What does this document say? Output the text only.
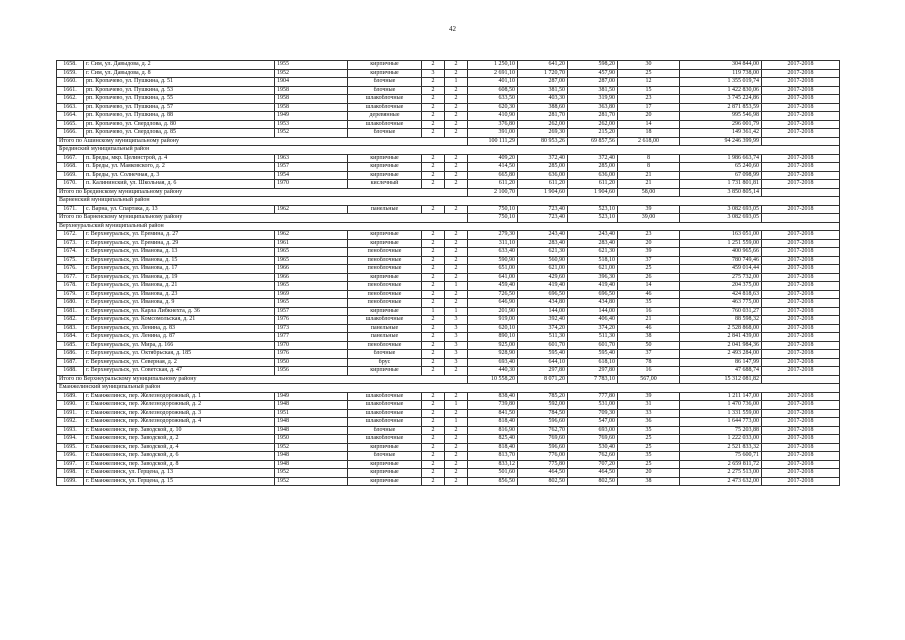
42
1658.	г. Сим, ул. Давыдова, д. 2	1955	кирпичные	2	2	1 250,10	641,20	598,20	30	304 844,00	2017-2018
1659.	г. Сим, ул. Давыдова, д. 8	1952	кирпичные	3	2	2 691,10	1 720,70	457,90	25	119 738,00	2017-2018
1660.	рп. Кропачево, ул. Пушкина, д. 51	1904	блочные	2	1	401,10	287,00	287,00	12	1 355 019,74	2017-2018
1661.	рп. Кропачево, ул. Пушкина, д. 53	1958	блочные	2	2	608,50	381,50	381,50	15	1 422 830,06	2017-2018
1662.	рп. Кропачево, ул. Пушкина, д. 55	1958	шлакоблочные	2	2	633,50	403,30	319,90	23	3 745 224,86	2017-2018
1663.	рп. Кропачево, ул. Пушкина, д. 57	1958	шлакоблочные	2	2	620,30	388,60	363,80	17	2 871 853,59	2017-2018
1664.	рп. Кропачево, ул. Пушкина, д. 88	1949	деревянные	2	2	410,90	281,70	281,70	20	995 546,98	2017-2018
1665.	рп. Кропачево, ул. Свердлова, д. 80	1953	шлакоблочные	2	2	376,80	262,00	262,00	14	296 001,79	2017-2018
1666.	рп. Кропачево, ул. Свердлова, д. 85	1952	блочные	2	2	391,00	269,30	215,20	18	149 361,42	2017-2018
Итого по Ашинскому муниципальному району						100 111,29	80 953,26	69 857,56	2 618,00	94 246 399,99	
Брединский муниципальный район											
1667.	п. Бреды, мкр. Целинстрой, д. 4	1963	кирпичные	2	2	409,20	372,40	372,40	8	1 986 663,74	2017-2018
1668.	п. Бреды, ул. Маяковского, д. 2	1957	кирпичные	2	2	414,50	285,00	285,00	8	65 240,60	2017-2018
1669.	п. Бреды, ул. Солнечная, д. 3	1954	кирпичные	2	2	665,80	636,00	636,00	21	67 098,99	2017-2018
1670.	п. Калининский, ул. Школьная, д. 6	1970	кислечный	2	2	611,20	611,20	611,20	21	1 731 801,81	2017-2018
Итого по Брединскому муниципальному району						2 100,70	1 904,60	1 904,60	58,00	3 850 805,14	
Варненский муниципальный район											
1671.	с. Варна, ул. Спартака, д. 13	1962	панельные	2	2	750,10	723,40	523,10	39	3 082 693,05	2017-2018
Итого по Варненскому муниципальному району						750,10	723,40	523,10	39,00	3 082 693,05	
Верхнеуральский муниципальный район											
1672.	г. Верхнеуральск, ул. Еремина, д. 27	1962	кирпичные	2	2	279,30	243,40	243,40	23	163 051,00	2017-2018
1673.	г. Верхнеуральск, ул. Еремина, д. 29	1961	кирпичные	2	2	311,10	283,40	283,40	20	1 251 559,00	2017-2018
1674.	г. Верхнеуральск, ул. Иванова, д. 13	1965	пеноблочные	2	2	633,40	621,30	621,30	39	400 965,66	2017-2018
1675.	г. Верхнеуральск, ул. Иванова, д. 15	1965	пеноблочные	2	2	590,90	560,90	518,10	37	780 749,46	2017-2018
1676.	г. Верхнеуральск, ул. Иванова, д. 17	1966	пеноблочные	2	2	651,00	621,00	621,00	25	459 014,44	2017-2018
1677.	г. Верхнеуральск, ул. Иванова, д. 19	1966	кирпичные	2	2	641,00	429,60	396,30	26	275 732,00	2017-2018
1678.	г. Верхнеуральск, ул. Иванова, д. 21	1965	пеноблочные	2	1	459,40	419,40	419,40	14	204 375,00	2017-2018
1679.	г. Верхнеуральск, ул. Иванова, д. 23	1969	пеноблочные	2	2	726,50	696,50	696,50	46	424 818,63	2017-2018
1680.	г. Верхнеуральск, ул. Иванова, д. 9	1965	пеноблочные	2	2	646,90	434,80	434,80	35	463 775,00	2017-2018
1681.	г. Верхнеуральск, ул. Карла Либкнехта, д. 36	1957	кирпичные	1	1	201,90	144,00	144,00	16	760 031,27	2017-2018
1682.	г. Верхнеуральск, ул. Комсомольская, д. 21	1976	шлакоблочные	2	3	919,00	392,40	406,40	21	88 598,32	2017-2018
1683.	г. Верхнеуральск, ул. Ленина, д. 83	1973	панельные	2	3	620,10	374,20	374,20	46	2 528 868,00	2017-2018
1684.	г. Верхнеуральск, ул. Ленина, д. 87	1977	панельные	2	3	890,10	511,30	511,30	38	2 841 439,00	2017-2018
1685.	г. Верхнеуральск, ул. Мира, д. 166	1970	пеноблочные	2	3	925,00	601,70	601,70	50	2 041 984,36	2017-2018
1686.	г. Верхнеуральск, ул. Октябрьская, д. 185	1976	блочные	2	3	928,90	595,40	595,40	37	2 493 284,00	2017-2018
1687.	г. Верхнеуральск, ул. Северная, д. 2	1950	брус	2	3	693,40	644,10	618,10	78	86 147,99	2017-2018
1688.	г. Верхнеуральск, ул. Советская, д. 47	1956	кирпичные	2	2	440,30	297,80	297,80	16	47 688,74	2017-2018
Итого по Верхнеуральскому муниципальному району						10 558,20	8 071,20	7 783,10	567,00	15 312 081,82	
Еманжелинский муниципальный район											
1689.	г. Еманжелинск, пер. Железнодорожный, д. 1	1949	шлакоблочные	2	2	838,40	785,20	777,80	39	1 211 147,00	2017-2018
1690.	г. Еманжелинск, пер. Железнодорожный, д. 2	1948	шлакоблочные	2	1	739,80	592,00	531,00	31	1 470 736,00	2017-2018
1691.	г. Еманжелинск, пер. Железнодорожный, д. 3	1951	шлакоблочные	2	2	841,50	784,50	709,30	33	1 331 559,00	2017-2018
1692.	г. Еманжелинск, пер. Железнодорожный, д. 4	1948	шлакоблочные	2	1	818,40	596,60	547,00	36	1 644 773,00	2017-2018
1693.	г. Еманжелинск, пер. Заводской, д. 10	1948	блочные	2	2	816,90	762,70	693,00	35	75 203,88	2017-2018
1694.	г. Еманжелинск, пер. Заводской, д. 2	1950	шлакоблочные	2	2	825,40	769,60	769,60	25	1 222 033,00	2017-2018
1695.	г. Еманжелинск, пер. Заводской, д. 4	1952	кирпичные	2	2	818,40	596,60	530,40	25	2 521 833,32	2017-2018
1696.	г. Еманжелинск, пер. Заводской, д. 6	1948	блочные	2	2	813,70	776,00	762,60	35	75 600,71	2017-2018
1697.	г. Еманжелинск, пер. Заводской, д. 8	1948	кирпичные	2	2	833,12	775,80	707,20	25	2 659 811,72	2017-2018
1698.	г. Еманжелинск, ул. Герцена, д. 13	1952	кирпичные	2	2	501,60	464,50	464,50	20	2 275 513,00	2017-2018
1699.	г. Еманжелинск, ул. Герцена, д. 15	1952	кирпичные	2	2	856,50	802,50	802,50	38	2 473 632,00	2017-2018
